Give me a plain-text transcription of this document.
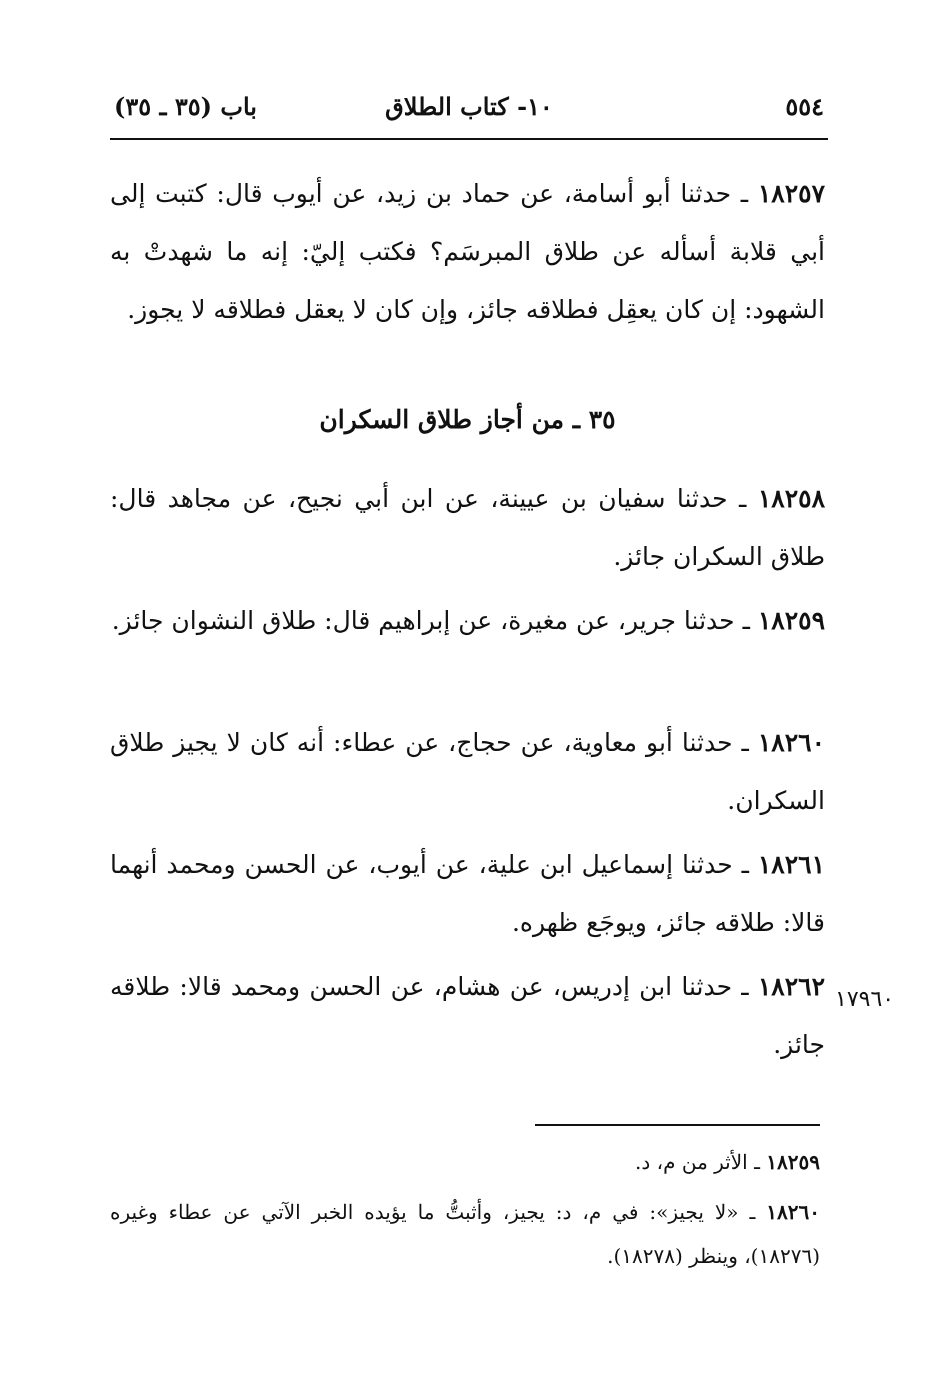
٥٥٤
١٠- كتاب الطلاق
باب (٣٥ ـ ٣٥)
١٨٢٥٧ ـ حدثنا أبو أسامة، عن حماد بن زيد، عن أيوب قال: كتبت إلى أبي قلابة أسأله عن طلاق المبرسَم؟ فكتب إليّ: إنه ما شهدتْ به الشهود: إن كان يعقِل فطلاقه جائز، وإن كان لا يعقل فطلاقه لا يجوز.
٣٥ ـ من أجاز طلاق السكران
١٨٢٥٨ ـ حدثنا سفيان بن عيينة، عن ابن أبي نجيح، عن مجاهد قال: طلاق السكران جائز.
١٨٢٥٩ ـ حدثنا جرير، عن مغيرة، عن إبراهيم قال: طلاق النشوان جائز.
١٨٢٦٠ ـ حدثنا أبو معاوية، عن حجاج، عن عطاء: أنه كان لا يجيز طلاق السكران.
١٨٢٦١ ـ حدثنا إسماعيل ابن علية، عن أيوب، عن الحسن ومحمد أنهما قالا: طلاقه جائز، ويوجَع ظهره.
١٨٢٦٢ ـ حدثنا ابن إدريس، عن هشام، عن الحسن ومحمد قالا: طلاقه جائز.
١٧٩٦٠
١٨٢٥٩ ـ الأثر من م، د.
١٨٢٦٠ ـ «لا يجيز»: في م، د: يجيز، وأثبتُّ ما يؤيده الخبر الآتي عن عطاء وغيره (١٨٢٧٦)، وينظر (١٨٢٧٨).
